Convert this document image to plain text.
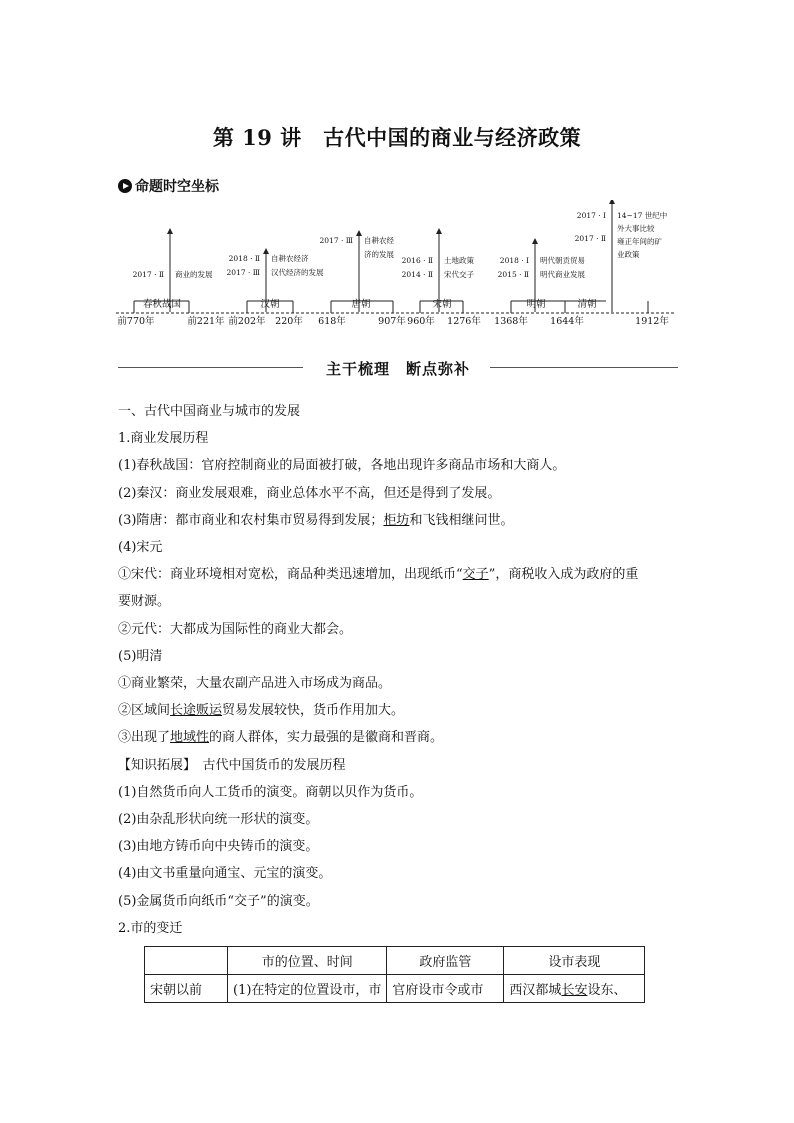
第 19 讲　古代中国的商业与经济政策
命题时空坐标
前770年	前221年 前202年 220年 618年	907年 960年 1276年 1368年 1644年	1912年
春秋战国	汉朝	唐朝	宋朝	明朝	清朝
2017 · Ⅱ 商业的发展
2018 · Ⅱ
2017 · Ⅲ
自耕农经济
汉代经济的发展
2017 · Ⅲ 自耕农经
济的发展
2016 · Ⅱ
2014 · Ⅱ
土地政策
宋代交子
2018 · Ⅰ
2015 · Ⅱ
明代朝贡贸易
明代商业发展
2017 · Ⅰ
2017 · Ⅱ
14~17 世纪中
外大事比较
雍正年间的矿
业政策
主干梳理　断点弥补
一、古代中国商业与城市的发展
1.商业发展历程
(1)春秋战国：官府控制商业的局面被打破，各地出现许多商品市场和大商人。
(2)秦汉：商业发展艰难，商业总体水平不高，但还是得到了发展。
(3)隋唐：都市商业和农村集市贸易得到发展；柜坊和飞钱相继问世。
(4)宋元
①宋代：商业环境相对宽松，商品种类迅速增加，出现纸币“交子”，商税收入成为政府的重
要财源。
②元代：大都成为国际性的商业大都会。
(5)明清
①商业繁荣，大量农副产品进入市场成为商品。
②区域间长途贩运贸易发展较快，货币作用加大。
③出现了地域性的商人群体，实力最强的是徽商和晋商。
【知识拓展】　古代中国货币的发展历程
(1)自然货币向人工货币的演变。商朝以贝作为货币。
(2)由杂乱形状向统一形状的演变。
(3)由地方铸币向中央铸币的演变。
(4)由文书重量向通宝、元宝的演变。
(5)金属货币向纸币“交子”的演变。
2.市的变迁
	市的位置、时间	政府监管	设市表现
宋朝以前	(1)在特定的位置设市，市	官府设市令或市	西汉都城长安设东、
